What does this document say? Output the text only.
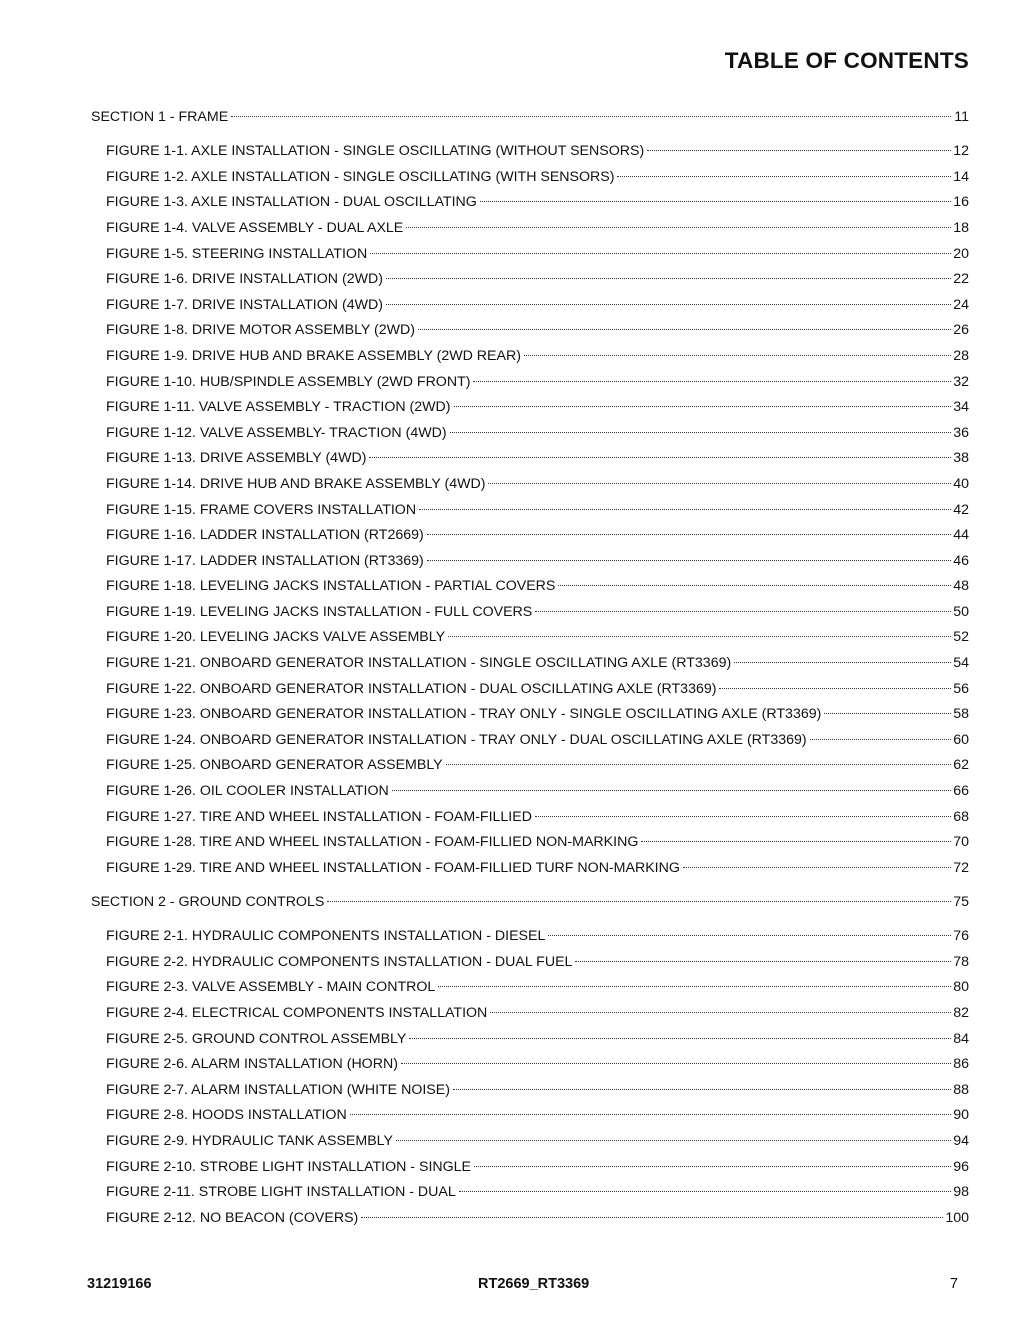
TABLE OF CONTENTS
SECTION 1 - FRAME	11
FIGURE 1-1. AXLE INSTALLATION - SINGLE OSCILLATING (WITHOUT SENSORS)	12
FIGURE 1-2. AXLE INSTALLATION - SINGLE OSCILLATING (WITH SENSORS)	14
FIGURE 1-3. AXLE INSTALLATION - DUAL OSCILLATING	16
FIGURE 1-4. VALVE ASSEMBLY - DUAL AXLE	18
FIGURE 1-5. STEERING INSTALLATION	20
FIGURE 1-6. DRIVE INSTALLATION (2WD)	22
FIGURE 1-7. DRIVE INSTALLATION (4WD)	24
FIGURE 1-8. DRIVE MOTOR ASSEMBLY (2WD)	26
FIGURE 1-9. DRIVE HUB AND BRAKE ASSEMBLY (2WD REAR)	28
FIGURE 1-10. HUB/SPINDLE ASSEMBLY (2WD FRONT)	32
FIGURE 1-11. VALVE ASSEMBLY - TRACTION (2WD)	34
FIGURE 1-12. VALVE ASSEMBLY- TRACTION (4WD)	36
FIGURE 1-13. DRIVE ASSEMBLY (4WD)	38
FIGURE 1-14. DRIVE HUB AND BRAKE ASSEMBLY (4WD)	40
FIGURE 1-15. FRAME COVERS INSTALLATION	42
FIGURE 1-16. LADDER INSTALLATION (RT2669)	44
FIGURE 1-17. LADDER INSTALLATION (RT3369)	46
FIGURE 1-18. LEVELING JACKS INSTALLATION - PARTIAL COVERS	48
FIGURE 1-19. LEVELING JACKS INSTALLATION - FULL COVERS	50
FIGURE 1-20. LEVELING JACKS VALVE ASSEMBLY	52
FIGURE 1-21. ONBOARD GENERATOR INSTALLATION - SINGLE OSCILLATING AXLE (RT3369)	54
FIGURE 1-22. ONBOARD GENERATOR INSTALLATION - DUAL OSCILLATING AXLE (RT3369)	56
FIGURE 1-23. ONBOARD GENERATOR INSTALLATION - TRAY ONLY - SINGLE OSCILLATING AXLE (RT3369)	58
FIGURE 1-24. ONBOARD GENERATOR INSTALLATION - TRAY ONLY - DUAL OSCILLATING AXLE (RT3369)	60
FIGURE 1-25. ONBOARD GENERATOR ASSEMBLY	62
FIGURE 1-26. OIL COOLER INSTALLATION	66
FIGURE 1-27. TIRE AND WHEEL INSTALLATION - FOAM-FILLIED	68
FIGURE 1-28. TIRE AND WHEEL INSTALLATION - FOAM-FILLIED NON-MARKING	70
FIGURE 1-29. TIRE AND WHEEL INSTALLATION - FOAM-FILLIED TURF NON-MARKING	72
SECTION 2 - GROUND CONTROLS	75
FIGURE 2-1. HYDRAULIC COMPONENTS INSTALLATION - DIESEL	76
FIGURE 2-2. HYDRAULIC COMPONENTS INSTALLATION - DUAL FUEL	78
FIGURE 2-3. VALVE ASSEMBLY - MAIN CONTROL	80
FIGURE 2-4. ELECTRICAL COMPONENTS INSTALLATION	82
FIGURE 2-5. GROUND CONTROL ASSEMBLY	84
FIGURE 2-6. ALARM INSTALLATION (HORN)	86
FIGURE 2-7. ALARM INSTALLATION (WHITE NOISE)	88
FIGURE 2-8. HOODS INSTALLATION	90
FIGURE 2-9. HYDRAULIC TANK ASSEMBLY	94
FIGURE 2-10. STROBE LIGHT INSTALLATION - SINGLE	96
FIGURE 2-11. STROBE LIGHT INSTALLATION - DUAL	98
FIGURE 2-12. NO BEACON (COVERS)	100
31219166	RT2669_RT3369	7
